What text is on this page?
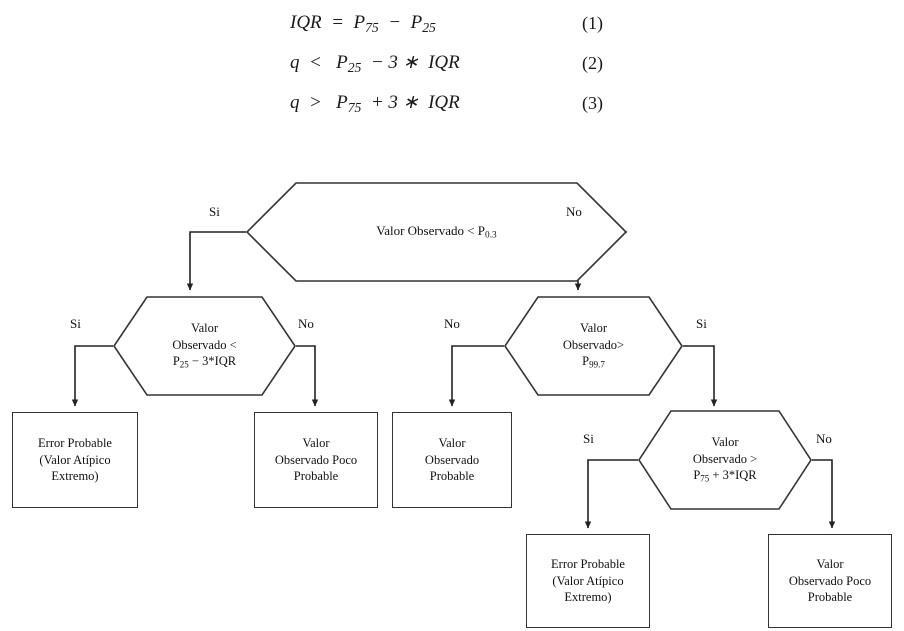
IQR = $P_{75} - P_{25}$	(1)
$q < P_{25} - 3$ ∗ IQR	(2)
$q > P_{75} + 3$ ∗ IQR	(3)
Valor Observado < P0.3
Valor
Observado <
P25 − 3*IQR
Valor
Observado>
P99.7
Valor
Observado >
P75 + 3*IQR
Error Probable
(Valor Atípico
Extremo)
Valor
Observado Poco
Probable
Valor
Observado
Probable
Error Probable
(Valor Atípico
Extremo)
Valor
Observado Poco
Probable
Si	No
Si	No	No	Si
Si	No
